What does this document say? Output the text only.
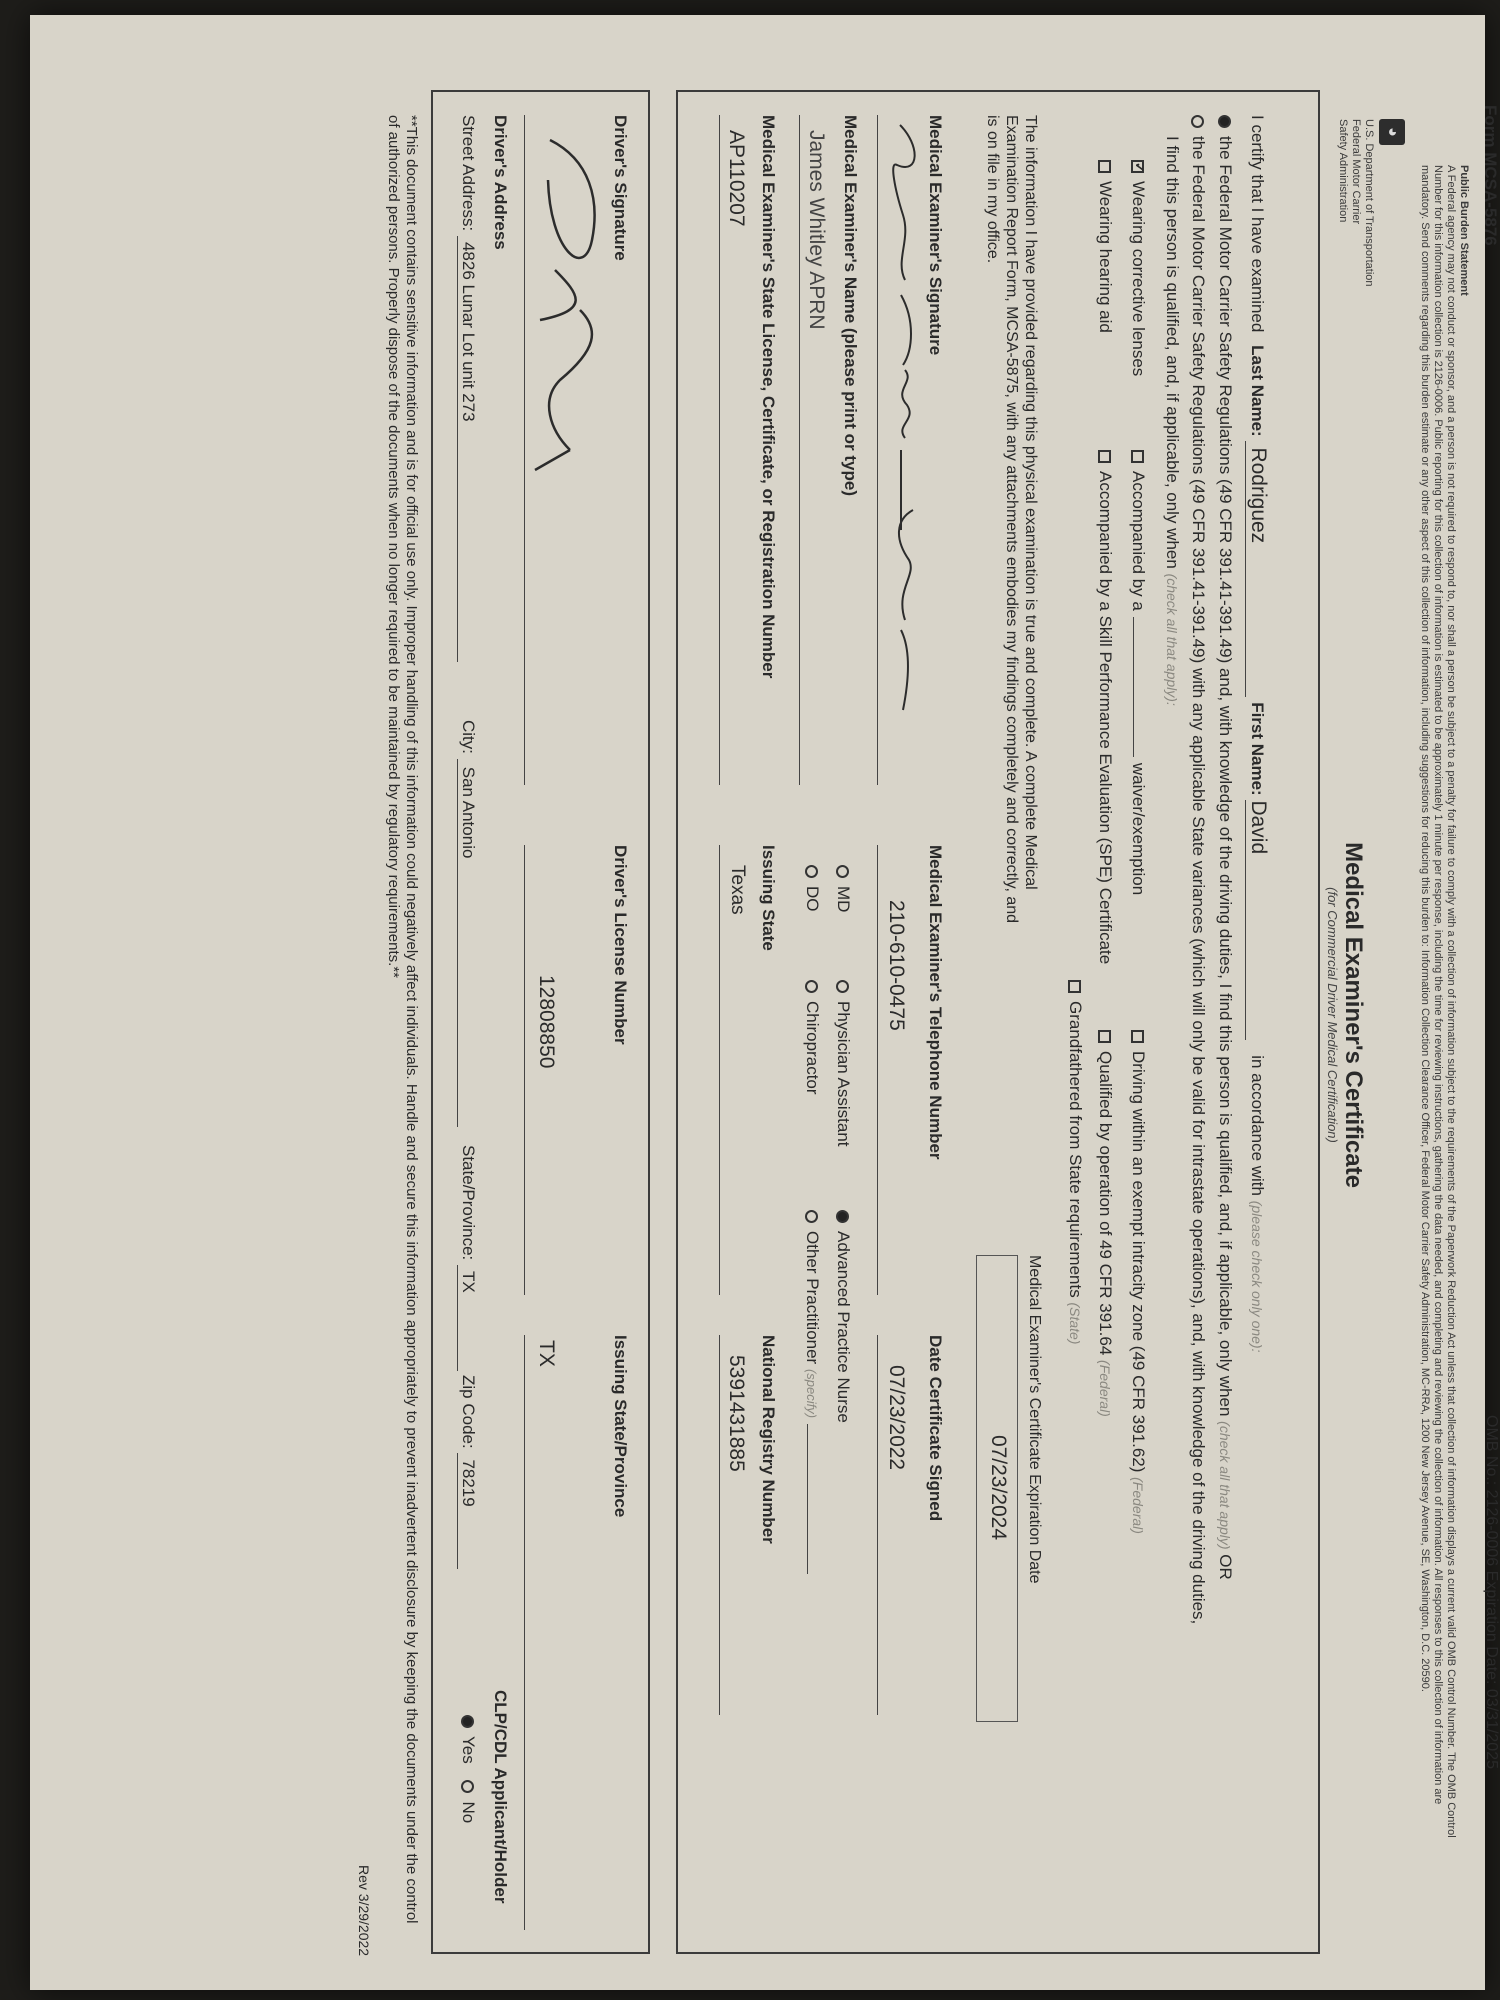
Form MCSA-5876
OMB No.: 2126-0006 Expiration Date: 03/31/2025
Public Burden Statement
A Federal agency may not conduct or sponsor, and a person is not required to respond to, nor shall a person be subject to a penalty for failure to comply with a collection of information subject to the requirements of the Paperwork Reduction Act unless that collection of information displays a current valid OMB Control Number. The OMB Control Number for this information collection is 2126-0006. Public reporting for this collection of information is estimated to be approximately 1 minute per response, including the time for reviewing instructions, gathering the data needed, and completing and reviewing the collection of information. All responses to this collection of information are mandatory. Send comments regarding this burden estimate or any other aspect of this collection of information, including suggestions for reducing this burden to: Information Collection Clearance Officer, Federal Motor Carrier Safety Administration, MC-RRA, 1200 New Jersey Avenue, SE, Washington, D.C. 20590.
◕
U.S. Department of Transportation
Federal Motor Carrier
Safety Administration
Medical Examiner's Certificate
(for Commercial Driver Medical Certification)
I certify that I have examined Last Name: Rodriguez First Name: David in accordance with (please check only one):
the Federal Motor Carrier Safety Regulations (49 CFR 391.41-391.49) and, with knowledge of the driving duties, I find this person is qualified, and, if applicable, only when (check all that apply) OR
the Federal Motor Carrier Safety Regulations (49 CFR 391.41-391.49) with any applicable State variances (which will only be valid for intrastate operations), and, with knowledge of the driving duties,
I find this person is qualified, and, if applicable, only when (check all that apply):
✓Wearing corrective lenses
Wearing hearing aid
Accompanied by awaiver/exemption
Accompanied by a Skill Performance Evaluation (SPE) Certificate
Driving within an exempt intracity zone (49 CFR 391.62) (Federal)
Qualified by operation of 49 CFR 391.64 (Federal)
Grandfathered from State requirements (State)
The information I have provided regarding this physical examination is true and complete. A complete Medical Examination Report Form, MCSA-5875, with any attachments embodies my findings completely and correctly, and is on file in my office.
Medical Examiner's Certificate Expiration Date
07/23/2024
Medical Examiner's Signature
Medical Examiner's Telephone Number
210-610-0475
Date Certificate Signed
07/23/2022
Medical Examiner's Name (please print or type)
James Whitley APRN
MD
DO
Physician Assistant
Chiropractor
Advanced Practice Nurse
Other Practitioner (specify)
Medical Examiner's State License, Certificate, or Registration Number
AP110207
Issuing State
Texas
National Registry Number
5391431885
Driver's Signature
Driver's License Number
12808850
Issuing State/Province
TX
Driver's Address
CLP/CDL Applicant/Holder
Street Address: 4826 Lunar Lot unit 273
City: San Antonio
State/Province: TX
Zip Code: 78219
Yes No
**This document contains sensitive information and is for official use only. Improper handling of this information could negatively affect individuals. Handle and secure this information appropriately to prevent inadvertent disclosure by keeping the documents under the control of authorized persons. Properly dispose of the documents when no longer required to be maintained by regulatory requirements.**
Rev 3/29/2022
